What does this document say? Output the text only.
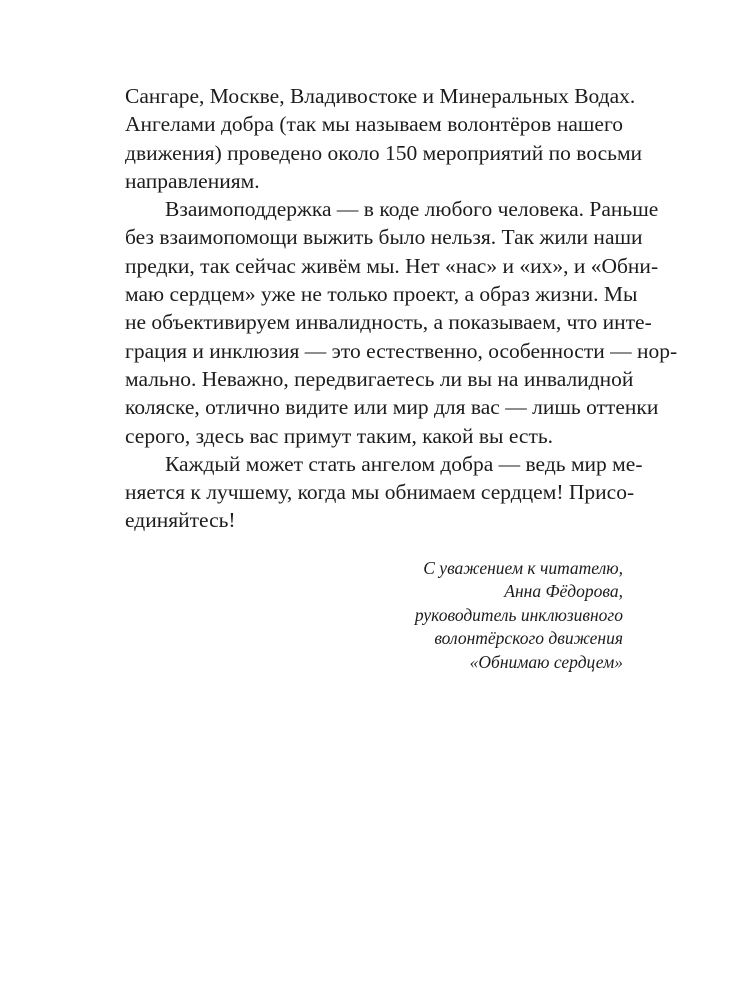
Сангаре, Москве, Владивостоке и Минеральных Водах.
Ангелами добра (так мы называем волонтёров нашего
движения) проведено около 150 мероприятий по восьми
направлениям.
Взаимоподдержка — в коде любого человека. Раньше
без взаимопомощи выжить было нельзя. Так жили наши
предки, так сейчас живём мы. Нет «нас» и «их», и «Обни-
маю сердцем» уже не только проект, а образ жизни. Мы
не объективируем инвалидность, а показываем, что инте-
грация и инклюзия — это естественно, особенности — нор-
мально. Неважно, передвигаетесь ли вы на инвалидной
коляске, отлично видите или мир для вас — лишь оттенки
серого, здесь вас примут таким, какой вы есть.
Каждый может стать ангелом добра — ведь мир ме-
няется к лучшему, когда мы обнимаем сердцем! Присо-
единяйтесь!
С уважением к читателю,
Анна Фёдорова,
руководитель инклюзивного
волонтёрского движения
«Обнимаю сердцем»
